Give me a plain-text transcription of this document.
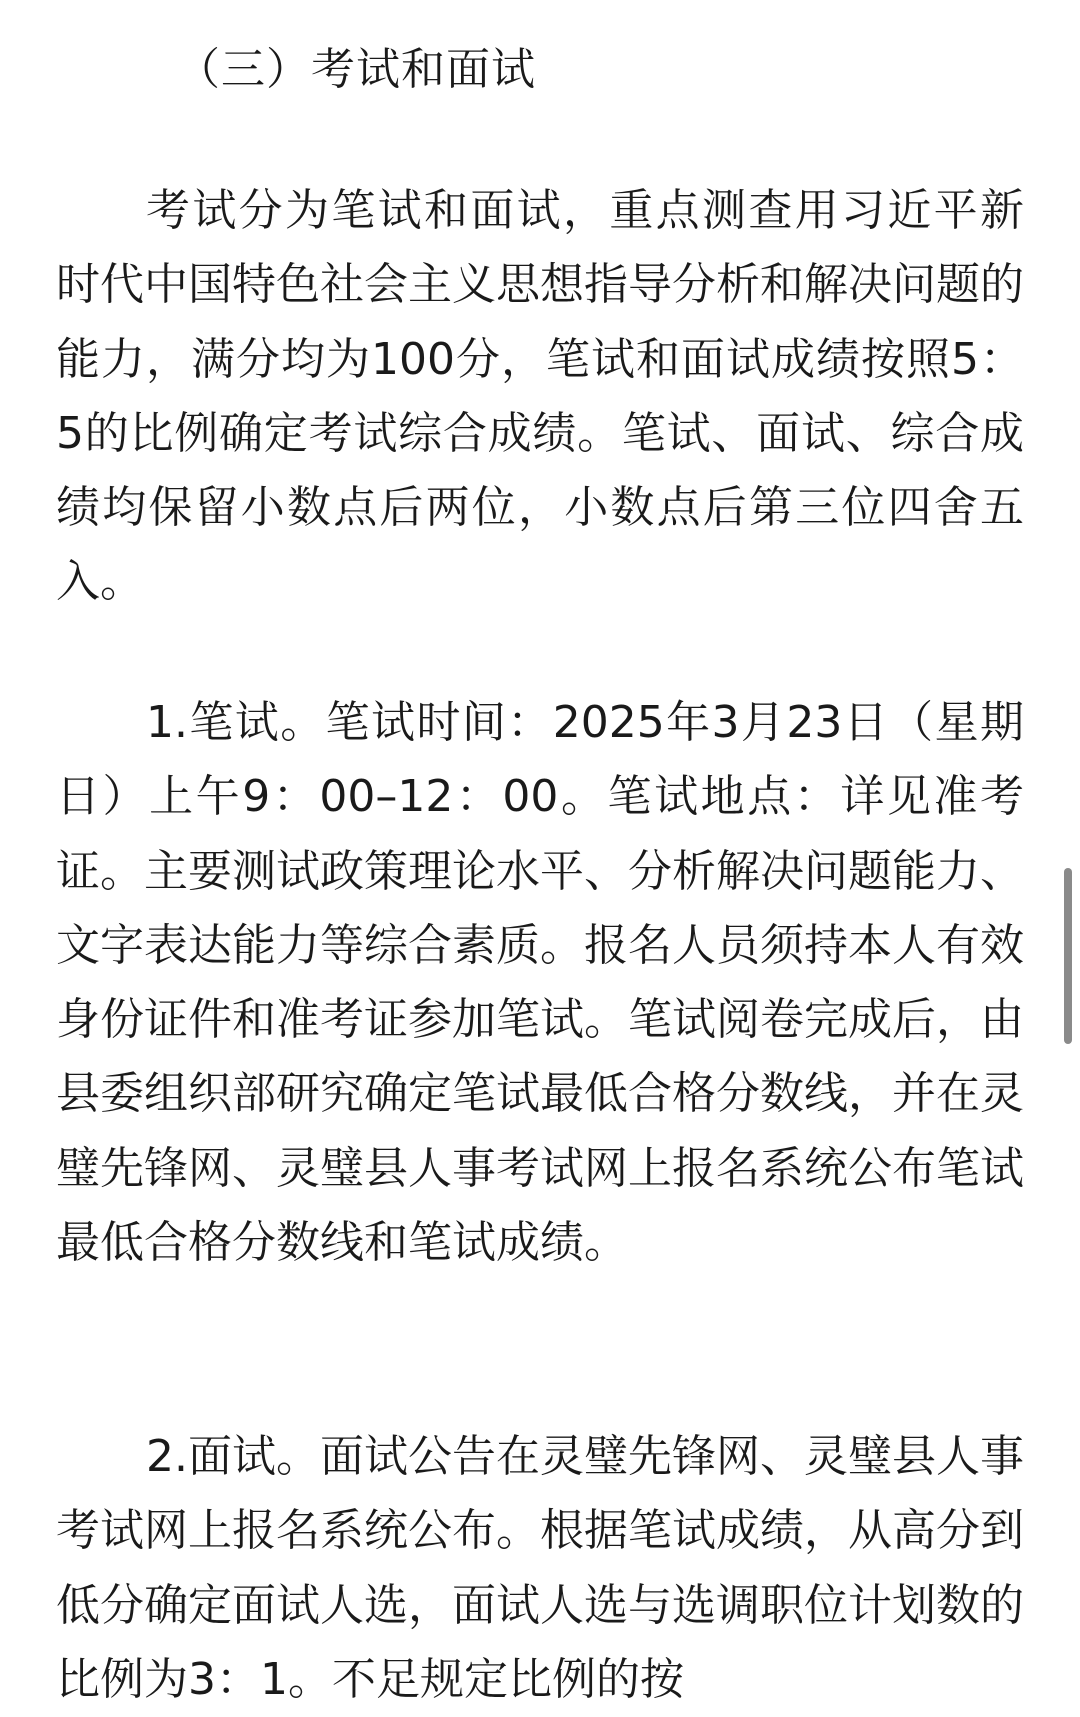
（三）考试和面试

考试分为笔试和面试，重点测查用习近平新时代中国特色社会主义思想指导分析和解决问题的能力，满分均为100分，笔试和面试成绩按照5：5的比例确定考试综合成绩。笔试、面试、综合成绩均保留小数点后两位，小数点后第三位四舍五入。

1.笔试。笔试时间：2025年3月23日（星期日）上午9：00–12：00。笔试地点：详见准考证。主要测试政策理论水平、分析解决问题能力、文字表达能力等综合素质。报名人员须持本人有效身份证件和准考证参加笔试。笔试阅卷完成后，由县委组织部研究确定笔试最低合格分数线，并在灵璧先锋网、灵璧县人事考试网上报名系统公布笔试最低合格分数线和笔试成绩。

2.面试。面试公告在灵璧先锋网、灵璧县人事考试网上报名系统公布。根据笔试成绩，从高分到低分确定面试人选，面试人选与选调职位计划数的比例为3：1。不足规定比例的按
